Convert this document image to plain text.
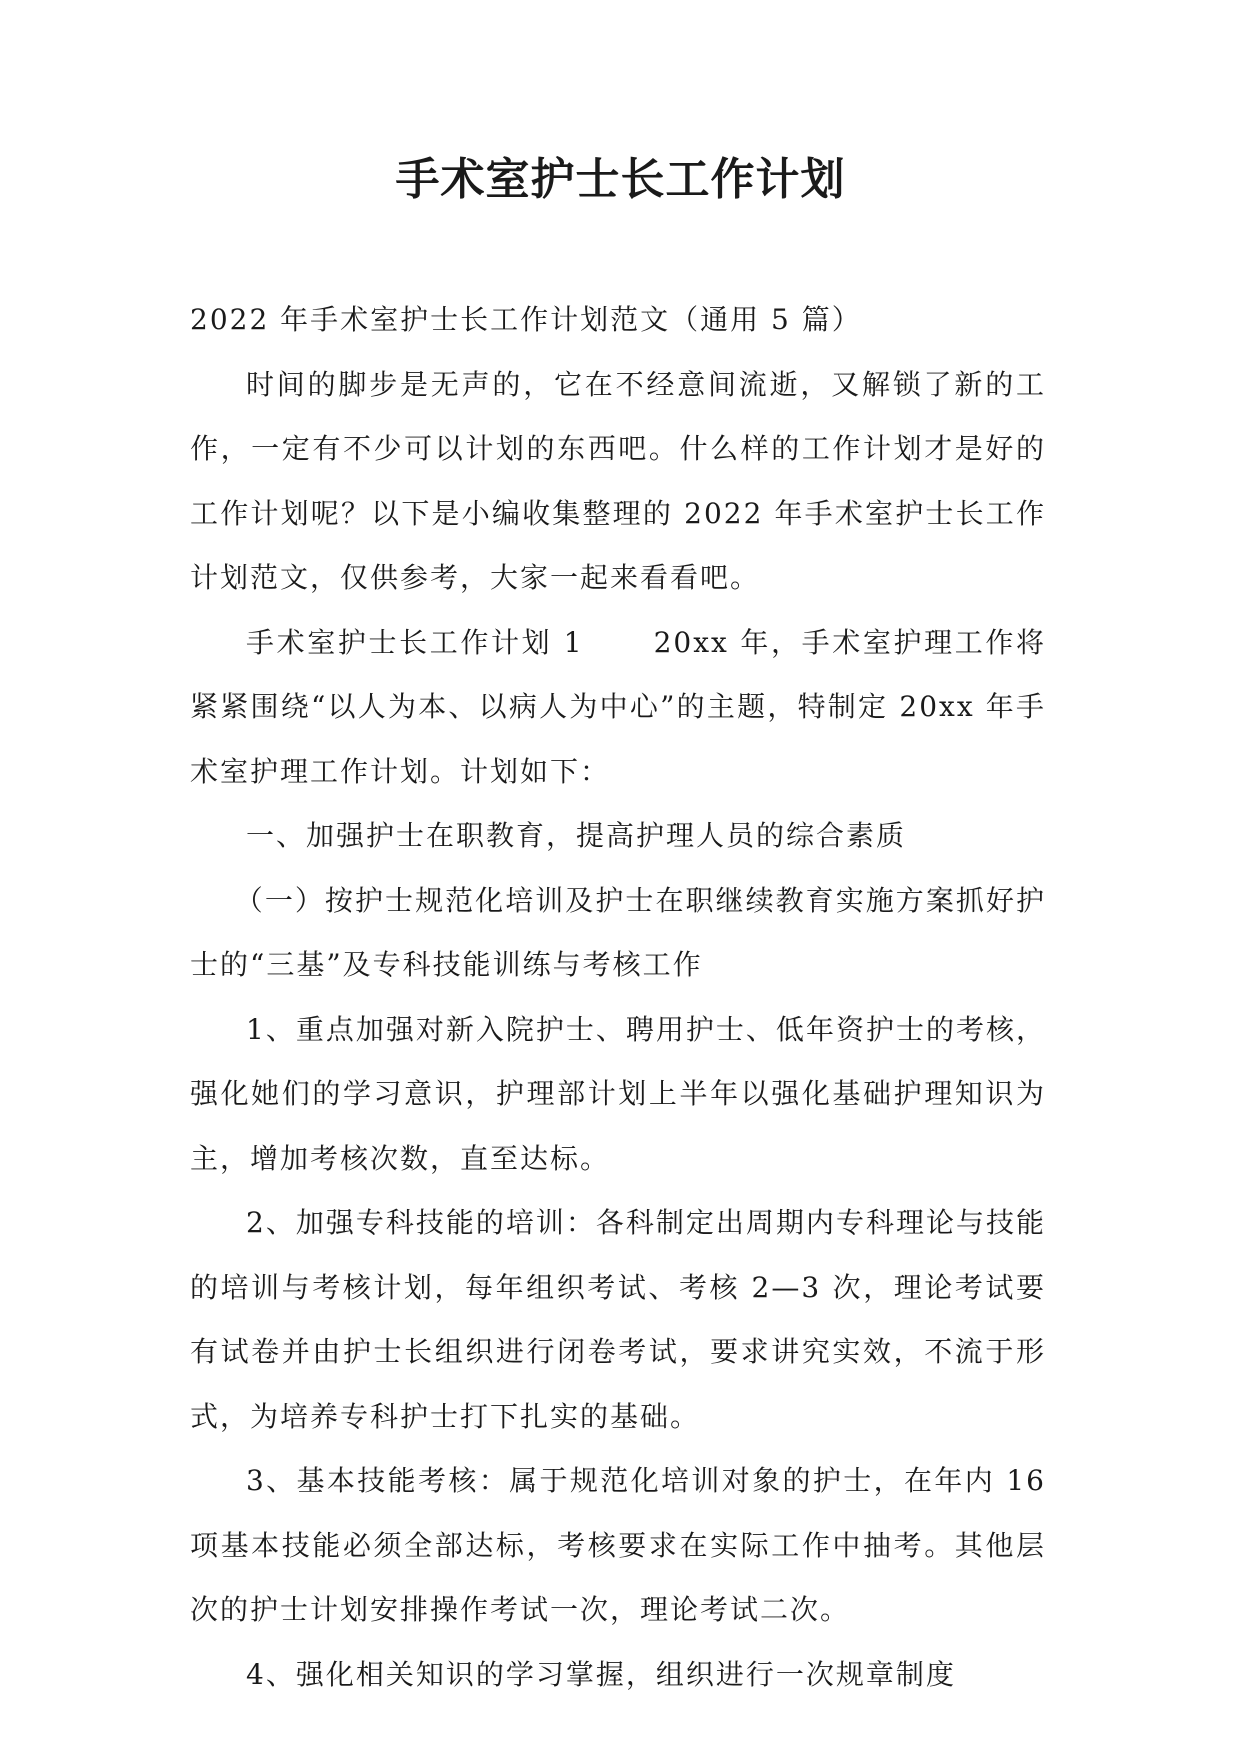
手术室护士长工作计划

2022 年手术室护士长工作计划范文（通用 5 篇）

时间的脚步是无声的，它在不经意间流逝，又解锁了新的工作，一定有不少可以计划的东西吧。什么样的工作计划才是好的工作计划呢？以下是小编收集整理的 2022 年手术室护士长工作计划范文，仅供参考，大家一起来看看吧。

手术室护士长工作计划 1	20xx 年，手术室护理工作将紧紧围绕“以人为本、以病人为中心”的主题，特制定 20xx 年手术室护理工作计划。计划如下：

一、加强护士在职教育，提高护理人员的综合素质

（一）按护士规范化培训及护士在职继续教育实施方案抓好护士的“三基”及专科技能训练与考核工作

1、重点加强对新入院护士、聘用护士、低年资护士的考核，强化她们的学习意识，护理部计划上半年以强化基础护理知识为主，增加考核次数，直至达标。

2、加强专科技能的培训：各科制定出周期内专科理论与技能的培训与考核计划，每年组织考试、考核 2—3 次，理论考试要有试卷并由护士长组织进行闭卷考试，要求讲究实效，不流于形式，为培养专科护士打下扎实的基础。

3、基本技能考核：属于规范化培训对象的护士，在年内 16 项基本技能必须全部达标，考核要求在实际工作中抽考。其他层次的护士计划安排操作考试一次，理论考试二次。

4、强化相关知识的学习掌握，组织进行一次规章制度
